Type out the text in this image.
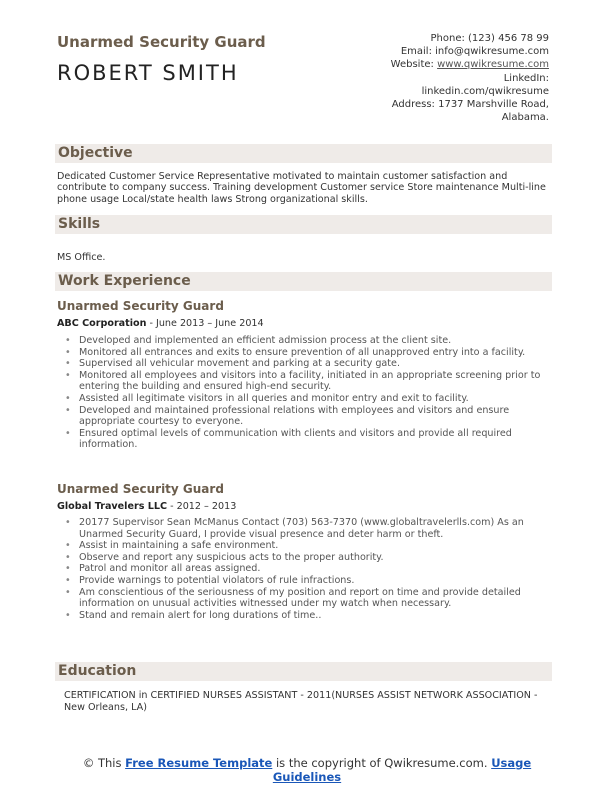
Unarmed Security Guard
ROBERT SMITH
Phone: (123) 456 78 99
Email: info@qwikresume.com
Website: www.qwikresume.com
LinkedIn:
linkedin.com/qwikresume
Address: 1737 Marshville Road,
Alabama.
Objective
Dedicated Customer Service Representative motivated to maintain customer satisfaction and contribute to company success. Training development Customer service Store maintenance Multi-line phone usage Local/state health laws Strong organizational skills.
Skills
MS Office.
Work Experience
Unarmed Security Guard
ABC Corporation - June 2013 – June 2014
• Developed and implemented an efficient admission process at the client site.
• Monitored all entrances and exits to ensure prevention of all unapproved entry into a facility.
• Supervised all vehicular movement and parking at a security gate.
• Monitored all employees and visitors into a facility, initiated in an appropriate screening prior to entering the building and ensured high-end security.
• Assisted all legitimate visitors in all queries and monitor entry and exit to facility.
• Developed and maintained professional relations with employees and visitors and ensure appropriate courtesy to everyone.
• Ensured optimal levels of communication with clients and visitors and provide all required information.
Unarmed Security Guard
Global Travelers LLC - 2012 – 2013
• 20177 Supervisor Sean McManus Contact (703) 563-7370 (www.globaltravelerlls.com) As an Unarmed Security Guard, I provide visual presence and deter harm or theft.
• Assist in maintaining a safe environment.
• Observe and report any suspicious acts to the proper authority.
• Patrol and monitor all areas assigned.
• Provide warnings to potential violators of rule infractions.
• Am conscientious of the seriousness of my position and report on time and provide detailed information on unusual activities witnessed under my watch when necessary.
• Stand and remain alert for long durations of time..
Education
CERTIFICATION in CERTIFIED NURSES ASSISTANT - 2011(NURSES ASSIST NETWORK ASSOCIATION - New Orleans, LA)
© This Free Resume Template is the copyright of Qwikresume.com. Usage Guidelines
